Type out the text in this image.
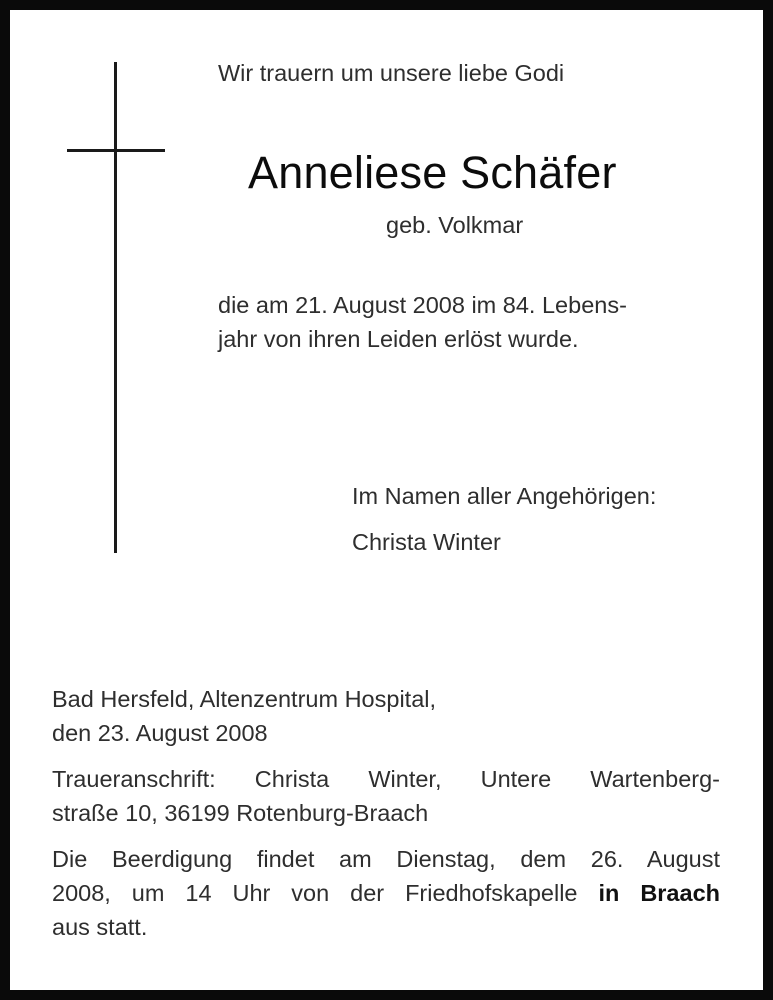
Wir trauern um unsere liebe Godi
Anneliese Schäfer
geb. Volkmar
die am 21. August 2008 im 84. Lebens-
jahr von ihren Leiden erlöst wurde.
Im Namen aller Angehörigen:
Christa Winter
Bad Hersfeld, Altenzentrum Hospital,
den 23. August 2008
Traueranschrift: Christa Winter, Untere Wartenberg-
straße 10, 36199 Rotenburg-Braach
Die Beerdigung findet am Dienstag, dem 26. August
2008, um 14 Uhr von der Friedhofskapelle in Braach
aus statt.
